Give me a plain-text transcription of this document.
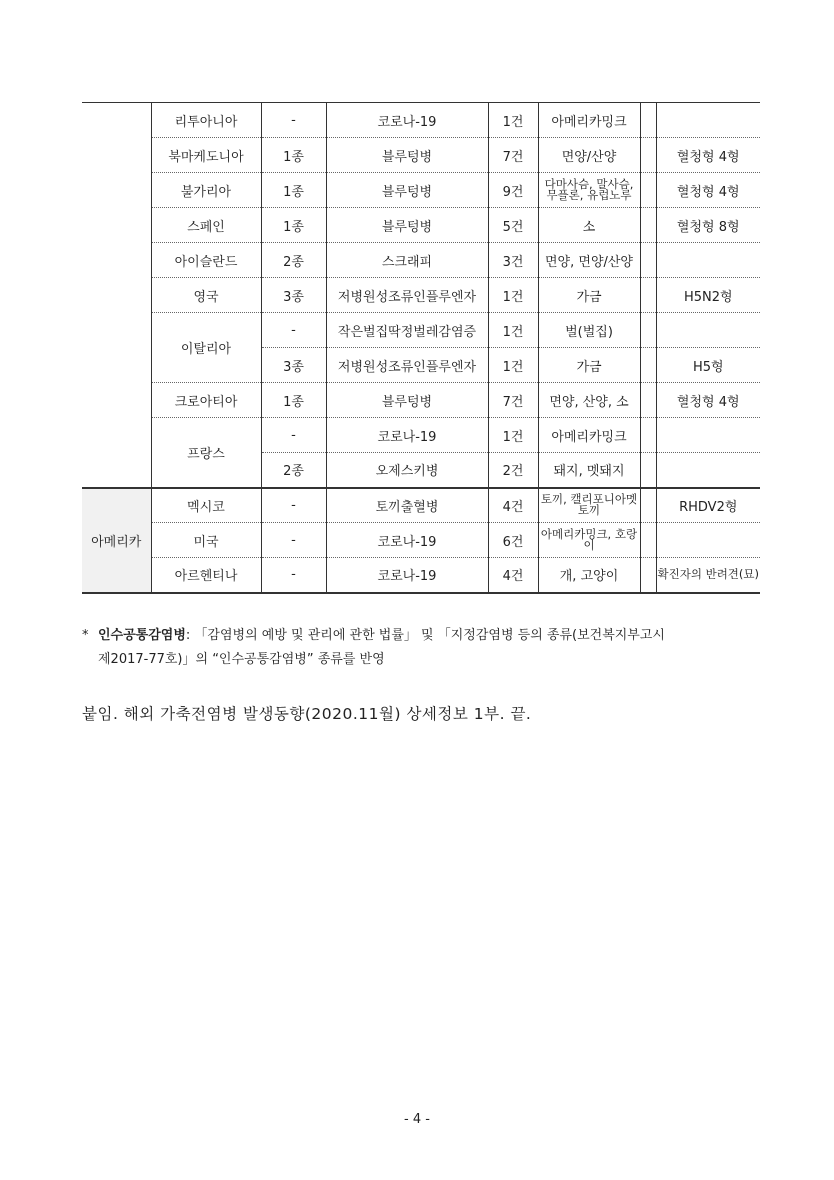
	리투아니아	-	코로나-19	1건	아메리카밍크		
	북마케도니아	1종	블루텅병	7건	면양/산양		혈청형 4형
	불가리아	1종	블루텅병	9건	다마사슴, 말사슴, 무플론, 유럽노루		혈청형 4형
	스페인	1종	블루텅병	5건	소		혈청형 8형
	아이슬란드	2종	스크래피	3건	면양, 면양/산양		
	영국	3종	저병원성조류인플루엔자	1건	가금		H5N2형
	이탈리아	-	작은벌집딱정벌레감염증	1건	벌(벌집)		
		3종	저병원성조류인플루엔자	1건	가금		H5형
	크로아티아	1종	블루텅병	7건	면양, 산양, 소		혈청형 4형
	프랑스	-	코로나-19	1건	아메리카밍크		
		2종	오제스키병	2건	돼지, 멧돼지		
아메리카	멕시코	-	토끼출혈병	4건	토끼, 캘리포니아멧토끼		RHDV2형
	미국	-	코로나-19	6건	아메리카밍크, 호랑이		
	아르헨티나	-	코로나-19	4건	개, 고양이		확진자의 반려견(묘)
* 인수공통감염병: 「감염병의 예방 및 관리에 관한 법률」 및 「지정감염병 등의 종류(보건복지부고시
제2017-77호)」의 “인수공통감염병” 종류를 반영
붙임. 해외 가축전염병 발생동향(2020.11월) 상세정보 1부. 끝.
- 4 -
